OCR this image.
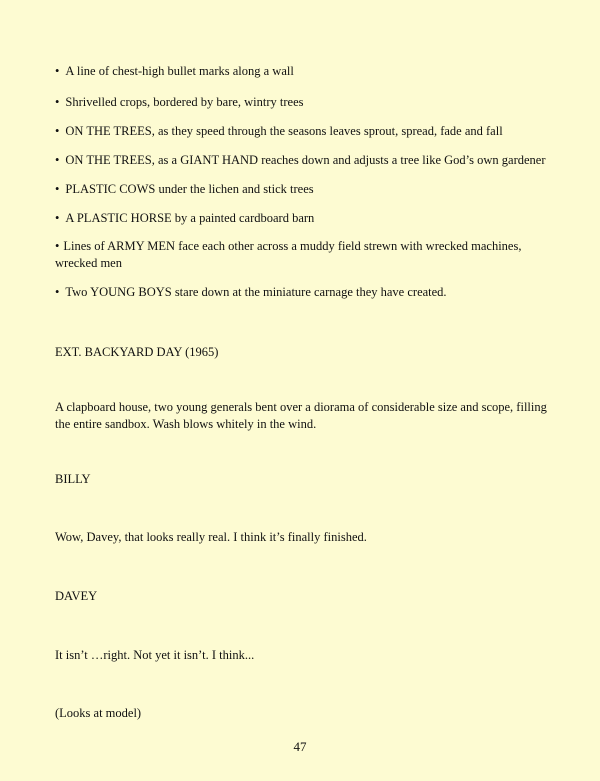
• A line of chest-high bullet marks along a wall

• Shrivelled crops, bordered by bare, wintry trees

• ON THE TREES, as they speed through the seasons leaves sprout, spread, fade and fall

• ON THE TREES, as a GIANT HAND reaches down and adjusts a tree like God’s own gardener

• PLASTIC COWS under the lichen and stick trees

• A PLASTIC HORSE by a painted cardboard barn

• Lines of ARMY MEN face each other across a muddy field strewn with wrecked machines, wrecked men

• Two YOUNG BOYS stare down at the miniature carnage they have created.

EXT. BACKYARD DAY (1965)

A clapboard house, two young generals bent over a diorama of considerable size and scope, filling the entire sandbox. Wash blows whitely in the wind.

BILLY

Wow, Davey, that looks really real. I think it’s finally finished.

DAVEY

It isn’t …right. Not yet it isn’t. I think...

(Looks at model)

47
